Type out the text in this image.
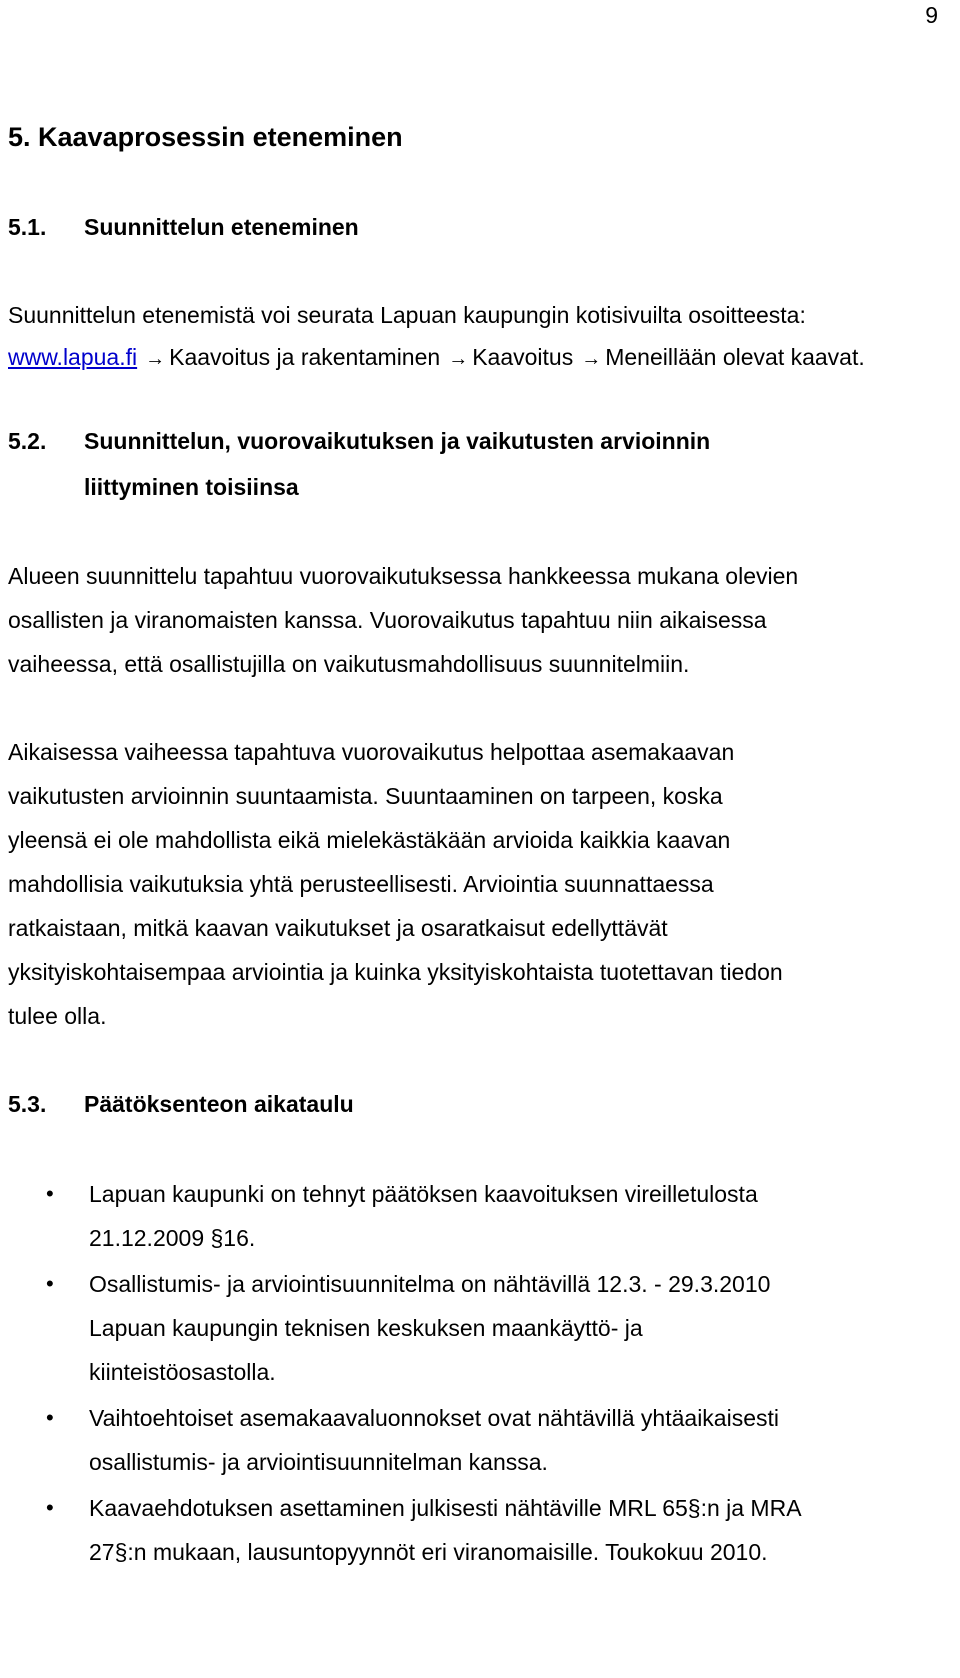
9
5. Kaavaprosessin eteneminen
5.1. Suunnittelun eteneminen
Suunnittelun etenemistä voi seurata Lapuan kaupungin kotisivuilta osoitteesta:
www.lapua.fi → Kaavoitus ja rakentaminen → Kaavoitus → Meneillään olevat kaavat.
5.2. Suunnittelun, vuorovaikutuksen ja vaikutusten arvioinnin
liittyminen toisiinsa
Alueen suunnittelu tapahtuu vuorovaikutuksessa hankkeessa mukana olevien
osallisten ja viranomaisten kanssa. Vuorovaikutus tapahtuu niin aikaisessa
vaiheessa, että osallistujilla on vaikutusmahdollisuus suunnitelmiin.
Aikaisessa vaiheessa tapahtuva vuorovaikutus helpottaa asemakaavan
vaikutusten arvioinnin suuntaamista. Suuntaaminen on tarpeen, koska
yleensä ei ole mahdollista eikä mielekästäkään arvioida kaikkia kaavan
mahdollisia vaikutuksia yhtä perusteellisesti. Arviointia suunnattaessa
ratkaistaan, mitkä kaavan vaikutukset ja osaratkaisut edellyttävät
yksityiskohtaisempaa arviointia ja kuinka yksityiskohtaista tuotettavan tiedon
tulee olla.
5.3. Päätöksenteon aikataulu
• Lapuan kaupunki on tehnyt päätöksen kaavoituksen vireilletulosta
21.12.2009 §16.
• Osallistumis- ja arviointisuunnitelma on nähtävillä 12.3. - 29.3.2010
Lapuan kaupungin teknisen keskuksen maankäyttö- ja
kiinteistöosastolla.
• Vaihtoehtoiset asemakaavaluonnokset ovat nähtävillä yhtäaikaisesti
osallistumis- ja arviointisuunnitelman kanssa.
• Kaavaehdotuksen asettaminen julkisesti nähtäville MRL 65§:n ja MRA
27§:n mukaan, lausuntopyynnöt eri viranomaisille. Toukokuu 2010.
